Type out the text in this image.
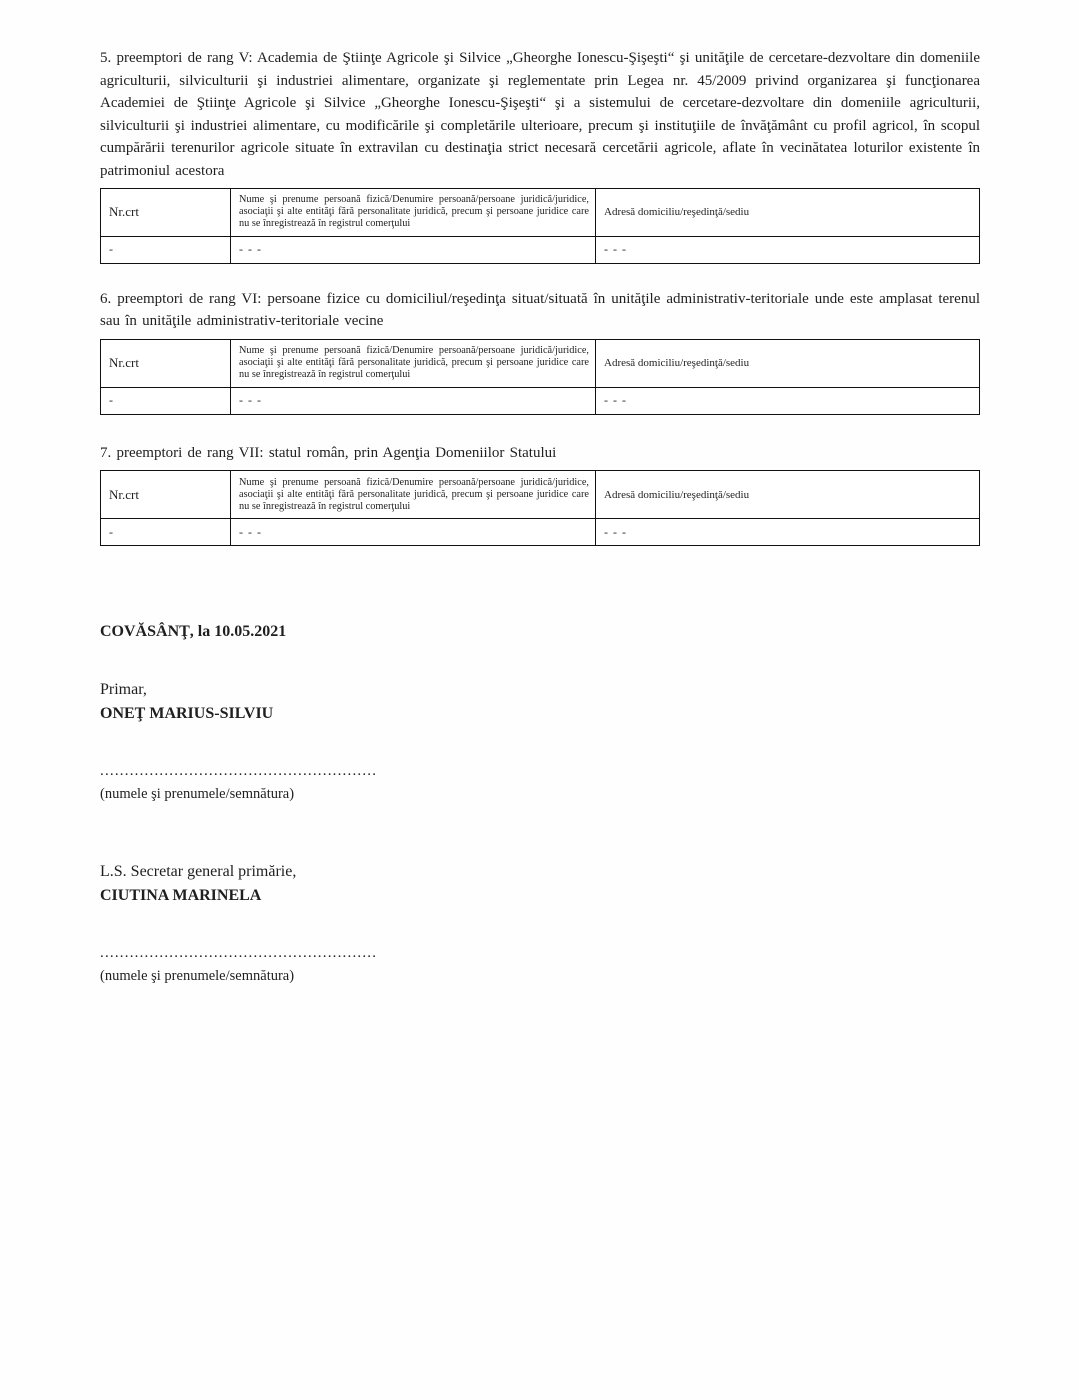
5. preemptori de rang V: Academia de Ştiinţe Agricole şi Silvice „Gheorghe Ionescu-Şişeşti“ şi unităţile de cercetare-dezvoltare din domeniile agriculturii, silviculturii şi industriei alimentare, organizate şi reglementate prin Legea nr. 45/2009 privind organizarea şi funcţionarea Academiei de Ştiinţe Agricole şi Silvice „Gheorghe Ionescu-Şişeşti“ şi a sistemului de cercetare-dezvoltare din domeniile agriculturii, silviculturii şi industriei alimentare, cu modificările şi completările ulterioare, precum şi instituţiile de învăţământ cu profil agricol, în scopul cumpărării terenurilor agricole situate în extravilan cu destinaţia strict necesară cercetării agricole, aflate în vecinătatea loturilor existente în patrimoniul acestora

Nr.crt	Nume şi prenume persoană fizică/Denumire persoană/persoane juridică/juridice, asociaţii şi alte entităţi fără personalitate juridică, precum şi persoane juridice care nu se înregistrează în registrul comerţului	Adresă domiciliu/reşedinţă/sediu
-	- - -	- - -

6. preemptori de rang VI: persoane fizice cu domiciliul/reşedinţa situat/situată în unităţile administrativ-teritoriale unde este amplasat terenul sau în unităţile administrativ-teritoriale vecine

Nr.crt	Nume şi prenume persoană fizică/Denumire persoană/persoane juridică/juridice, asociaţii şi alte entităţi fără personalitate juridică, precum şi persoane juridice care nu se înregistrează în registrul comerţului	Adresă domiciliu/reşedinţă/sediu
-	- - -	- - -

7. preemptori de rang VII: statul român, prin Agenţia Domeniilor Statului

Nr.crt	Nume şi prenume persoană fizică/Denumire persoană/persoane juridică/juridice, asociaţii şi alte entităţi fără personalitate juridică, precum şi persoane juridice care nu se înregistrează în registrul comerţului	Adresă domiciliu/reşedinţă/sediu
-	- - -	- - -

COVĂSÂNŢ, la 10.05.2021

Primar,

ONEŢ MARIUS-SILVIU

........................................................
(numele şi prenumele/semnătura)

L.S. Secretar general primărie,

CIUTINA MARINELA

........................................................
(numele şi prenumele/semnătura)
